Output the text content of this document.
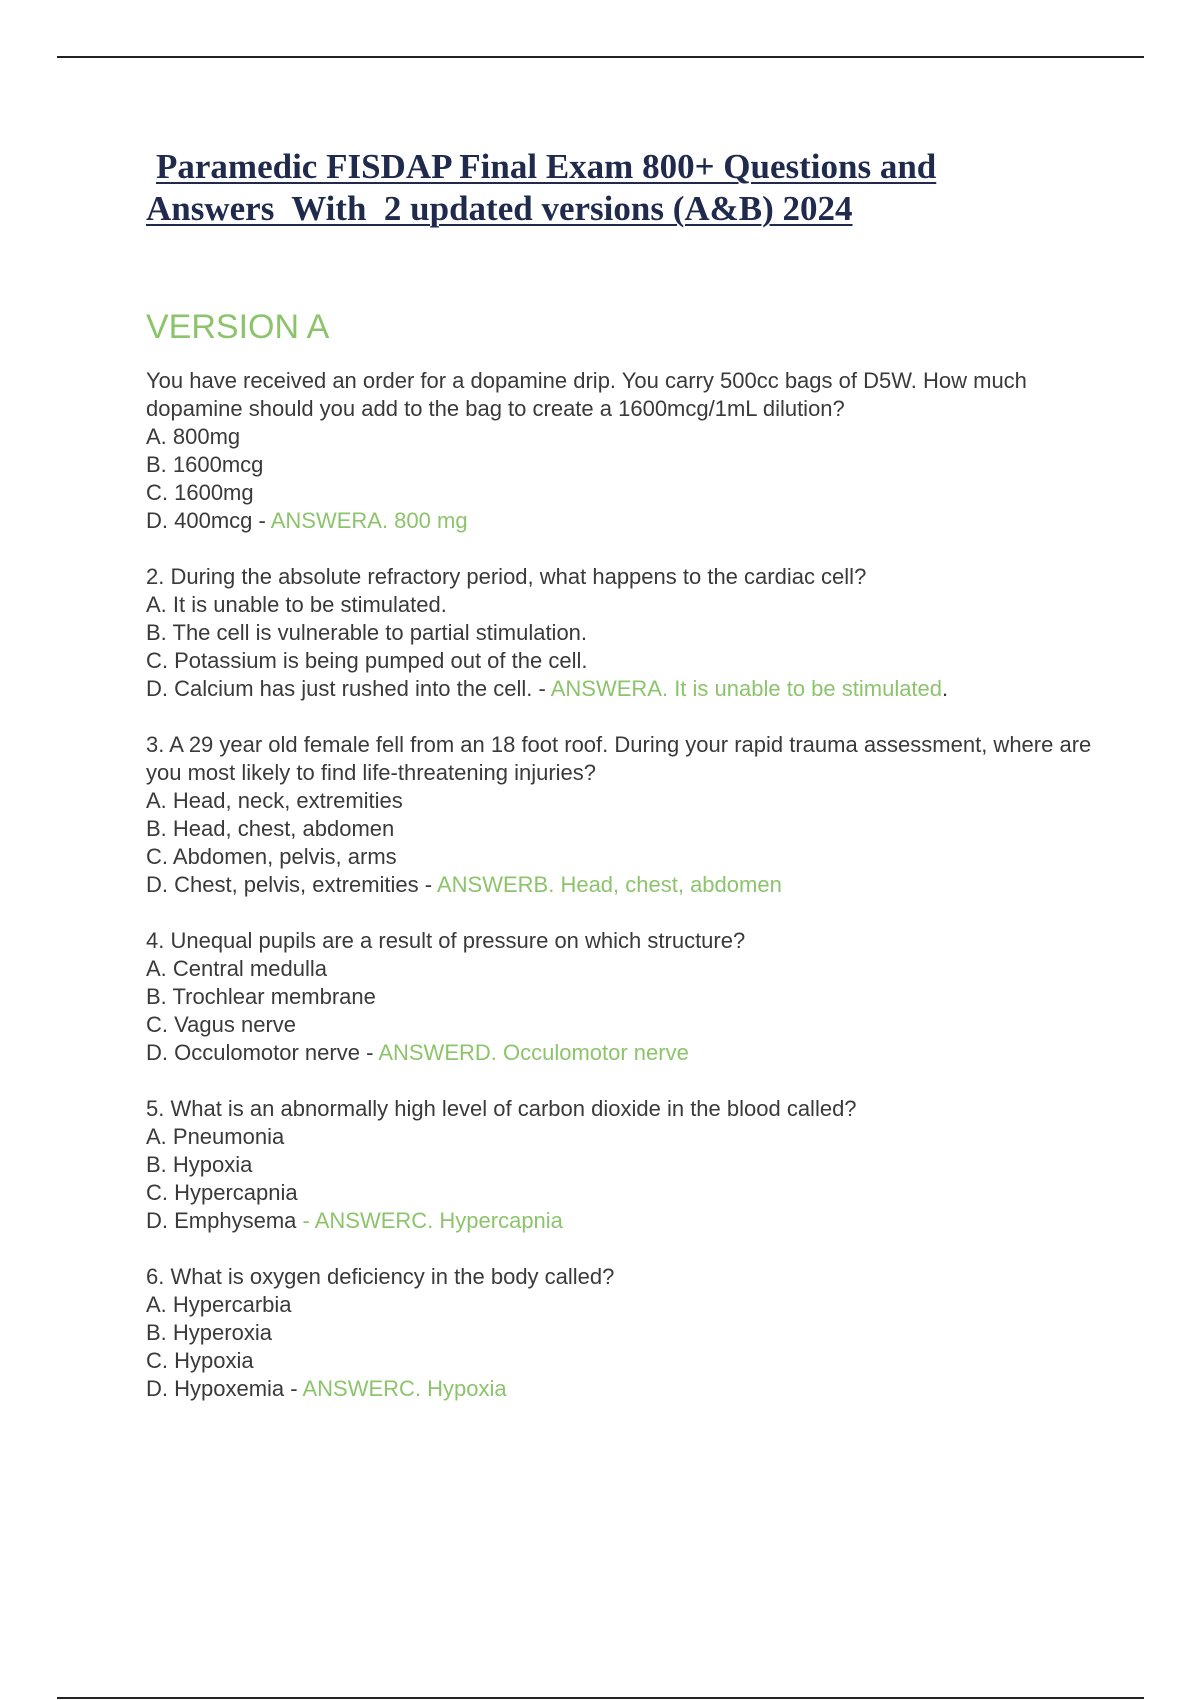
Paramedic FISDAP Final Exam 800+ Questions and
Answers  With  2 updated versions (A&B) 2024
VERSION A

You have received an order for a dopamine drip. You carry 500cc bags of D5W. How much dopamine should you add to the bag to create a 1600mcg/1mL dilution?

A. 800mg

B. 1600mcg

C. 1600mg

D. 400mcg - ANSWERA. 800 mg

2. During the absolute refractory period, what happens to the cardiac cell?

A. It is unable to be stimulated.

B. The cell is vulnerable to partial stimulation.

C. Potassium is being pumped out of the cell.

D. Calcium has just rushed into the cell. - ANSWERA. It is unable to be stimulated.

3. A 29 year old female fell from an 18 foot roof. During your rapid trauma assessment, where are you most likely to find life-threatening injuries?

A. Head, neck, extremities

B. Head, chest, abdomen

C. Abdomen, pelvis, arms

D. Chest, pelvis, extremities - ANSWERB. Head, chest, abdomen

4. Unequal pupils are a result of pressure on which structure?

A. Central medulla

B. Trochlear membrane

C. Vagus nerve

D. Occulomotor nerve - ANSWERD. Occulomotor nerve

5. What is an abnormally high level of carbon dioxide in the blood called?

A. Pneumonia

B. Hypoxia

C. Hypercapnia

D. Emphysema - ANSWERC. Hypercapnia

6. What is oxygen deficiency in the body called?

A. Hypercarbia

B. Hyperoxia

C. Hypoxia

D. Hypoxemia - ANSWERC. Hypoxia
